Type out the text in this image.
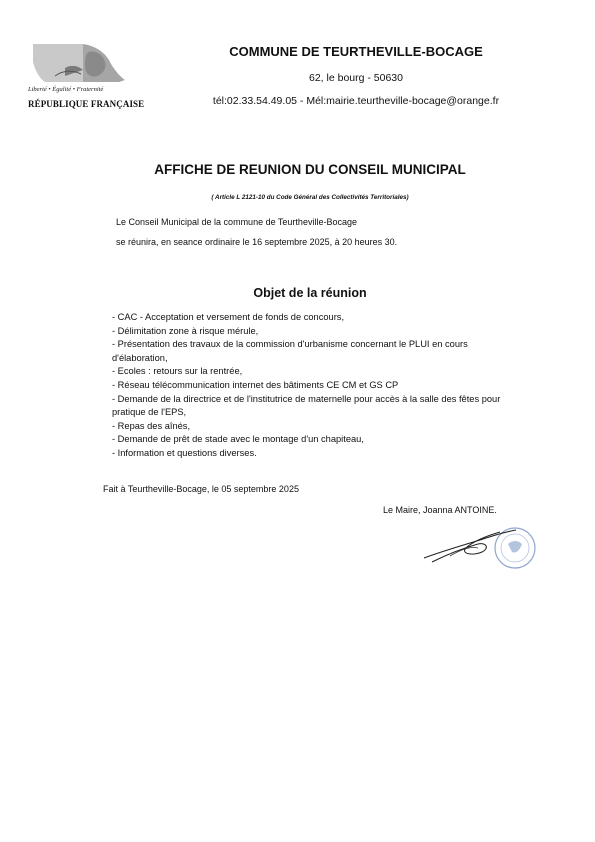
Liberté • Égalité • Fraternité
RÉPUBLIQUE FRANÇAISE
COMMUNE DE TEURTHEVILLE-BOCAGE
62, le bourg - 50630
tél:02.33.54.49.05 - Mél:mairie.teurtheville-bocage@orange.fr
AFFICHE DE REUNION DU CONSEIL MUNICIPAL
( Article L 2121-10 du Code Général des Collectivités Territoriales)
Le Conseil Municipal de la commune de Teurtheville-Bocage
se réunira, en seance ordinaire le 16 septembre 2025, à 20 heures 30.
Objet de la réunion
- CAC - Acceptation et versement de fonds de concours,
- Délimitation zone à risque mérule,
- Présentation des travaux de la commission d'urbanisme concernant le PLUI en cours d'élaboration,
- Ecoles : retours sur la rentrée,
- Réseau télécommunication internet des bâtiments CE CM et GS CP
- Demande de la directrice et de l'institutrice de maternelle pour accès à la salle des fêtes pour pratique de l'EPS,
- Repas des aînés,
- Demande de prêt de stade avec le montage d'un chapiteau,
- Information et questions diverses.
Fait à Teurtheville-Bocage, le 05 septembre 2025
Le Maire, Joanna ANTOINE.
